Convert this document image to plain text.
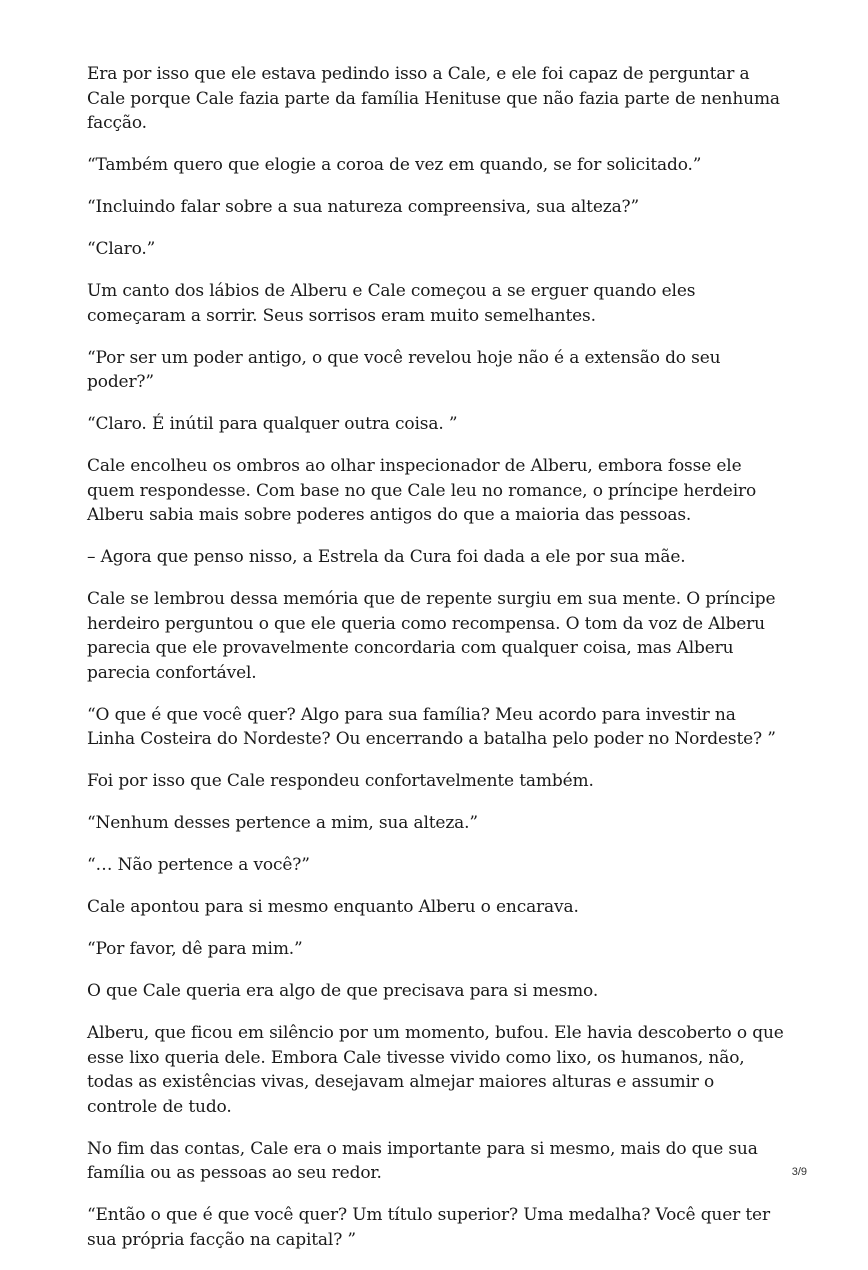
Era por isso que ele estava pedindo isso a Cale, e ele foi capaz de perguntar a Cale porque Cale fazia parte da família Henituse que não fazia parte de nenhuma facção.

“Também quero que elogie a coroa de vez em quando, se for solicitado.”

“Incluindo falar sobre a sua natureza compreensiva, sua alteza?”

“Claro.”

Um canto dos lábios de Alberu e Cale começou a se erguer quando eles começaram a sorrir. Seus sorrisos eram muito semelhantes.

“Por ser um poder antigo, o que você revelou hoje não é a extensão do seu poder?”

“Claro. É inútil para qualquer outra coisa. ”

Cale encolheu os ombros ao olhar inspecionador de Alberu, embora fosse ele quem respondesse. Com base no que Cale leu no romance, o príncipe herdeiro Alberu sabia mais sobre poderes antigos do que a maioria das pessoas.

– Agora que penso nisso, a Estrela da Cura foi dada a ele por sua mãe.

Cale se lembrou dessa memória que de repente surgiu em sua mente. O príncipe herdeiro perguntou o que ele queria como recompensa. O tom da voz de Alberu parecia que ele provavelmente concordaria com qualquer coisa, mas Alberu parecia confortável.

“O que é que você quer? Algo para sua família? Meu acordo para investir na Linha Costeira do Nordeste? Ou encerrando a batalha pelo poder no Nordeste? ”

Foi por isso que Cale respondeu confortavelmente também.

“Nenhum desses pertence a mim, sua alteza.”

“… Não pertence a você?”

Cale apontou para si mesmo enquanto Alberu o encarava.

“Por favor, dê para mim.”

O que Cale queria era algo de que precisava para si mesmo.

Alberu, que ficou em silêncio por um momento, bufou. Ele havia descoberto o que esse lixo queria dele. Embora Cale tivesse vivido como lixo, os humanos, não, todas as existências vivas, desejavam almejar maiores alturas e assumir o controle de tudo.

No fim das contas, Cale era o mais importante para si mesmo, mais do que sua família ou as pessoas ao seu redor.

“Então o que é que você quer? Um título superior? Uma medalha? Você quer ter sua própria facção na capital? ”

3/9
